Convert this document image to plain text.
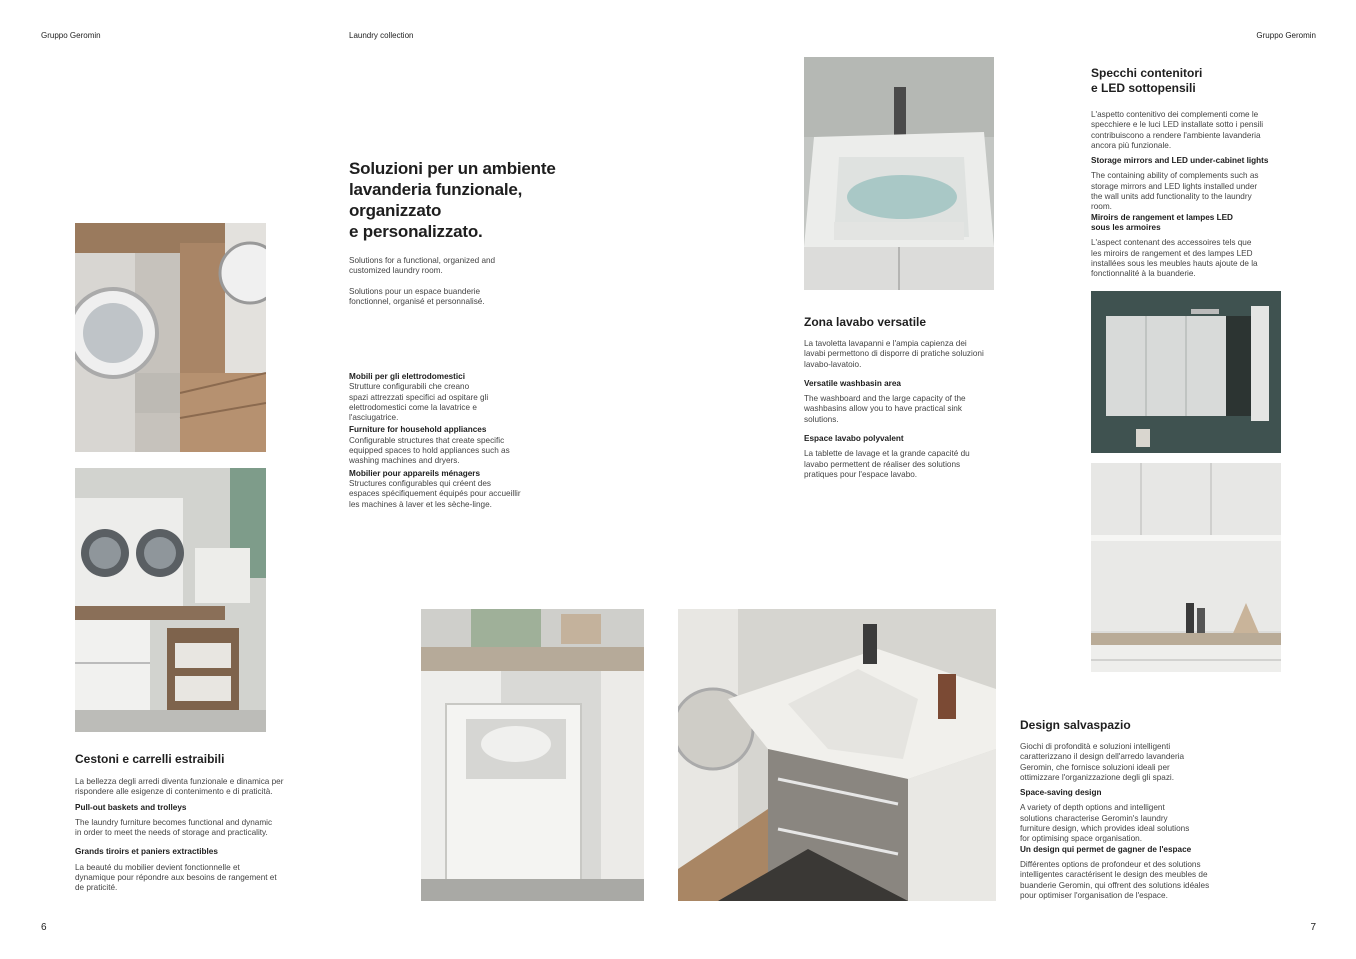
Gruppo Geromin	Laundry collection	Gruppo Geromin
6	7
Soluzioni per un ambiente
lavanderia funzionale,
organizzato
e personalizzato.

Solutions for a functional, organized and

customized laundry room.

Solutions pour un espace buanderie

fonctionnel, organisé et personnalisé.

Mobili per gli elettrodomestici

Strutture configurabili che creano

spazi attrezzati specifici ad ospitare gli

elettrodomestici come la lavatrice e

l'asciugatrice.

Furniture for household appliances

Configurable structures that create specific

equipped spaces to hold appliances such as

washing machines and dryers.

Mobilier pour appareils ménagers

Structures configurables qui créent des

espaces spécifiquement équipés pour accueillir

les machines à laver et les sèche-linge.

Cestoni e carrelli estraibili

La bellezza degli arredi diventa funzionale e dinamica per

rispondere alle esigenze di contenimento e di praticità.

Pull-out baskets and trolleys

The laundry furniture becomes functional and dynamic

in order to meet the needs of storage and practicality.

Grands tiroirs et paniers extractibles

La beauté du mobilier devient fonctionnelle et

dynamique pour répondre aux besoins de rangement et

de praticité.

Zona lavabo versatile

La tavoletta lavapanni e l'ampia capienza dei

lavabi permettono di disporre di pratiche soluzioni

lavabo-lavatoio.

Versatile washbasin area

The washboard and the large capacity of the

washbasins allow you to have practical sink

solutions.

Espace lavabo polyvalent

La tablette de lavage et la grande capacité du

lavabo permettent de réaliser des solutions

pratiques pour l'espace lavabo.

Specchi contenitori
e LED sottopensili

L'aspetto contenitivo dei complementi come le

specchiere e le luci LED installate sotto i pensili

contribuiscono a rendere l'ambiente lavanderia

ancora più funzionale.

Storage mirrors and LED under-cabinet lights

The containing ability of complements such as

storage mirrors and LED lights installed under

the wall units add functionality to the laundry

room.

Miroirs de rangement et lampes LED

sous les armoires

L'aspect contenant des accessoires tels que

les miroirs de rangement et des lampes LED

installées sous les meubles hauts ajoute de la

fonctionnalité à la buanderie.

Design salvaspazio

Giochi di profondità e soluzioni intelligenti

caratterizzano il design dell'arredo lavanderia

Geromin, che fornisce soluzioni ideali per

ottimizzare l'organizzazione degli gli spazi.

Space-saving design

A variety of depth options and intelligent

solutions characterise Geromin's laundry

furniture design, which provides ideal solutions

for optimising space organisation.

Un design qui permet de gagner de l'espace

Différentes options de profondeur et des solutions

intelligentes caractérisent le design des meubles de

buanderie Geromin, qui offrent des solutions idéales

pour optimiser l'organisation de l'espace.
